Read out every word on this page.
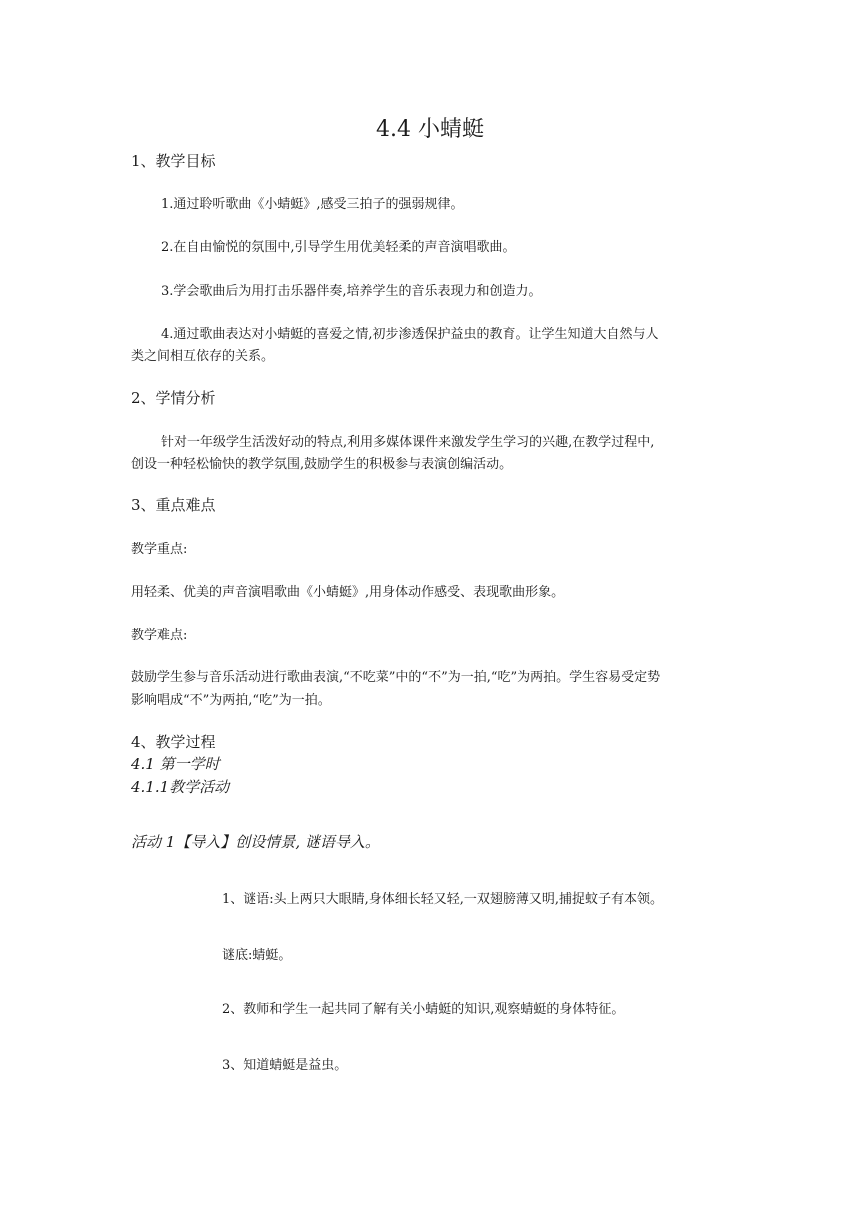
4.4 小蜻蜓
1、教学目标
1.通过聆听歌曲《小蜻蜓》,感受三拍子的强弱规律。
2.在自由愉悦的氛围中,引导学生用优美轻柔的声音演唱歌曲。
3.学会歌曲后为用打击乐器伴奏,培养学生的音乐表现力和创造力。
4.通过歌曲表达对小蜻蜓的喜爱之情,初步渗透保护益虫的教育。让学生知道大自然与人
类之间相互依存的关系。
2、学情分析
针对一年级学生活泼好动的特点,利用多媒体课件来激发学生学习的兴趣,在教学过程中,
创设一种轻松愉快的教学氛围,鼓励学生的积极参与表演创编活动。
3、重点难点
教学重点:
用轻柔、优美的声音演唱歌曲《小蜻蜓》,用身体动作感受、表现歌曲形象。
教学难点:
鼓励学生参与音乐活动进行歌曲表演,“不吃菜”中的“不”为一拍,“吃”为两拍。学生容易受定势
影响唱成“不”为两拍,“吃”为一拍。
4、教学过程
4.1 第一学时
4.1.1教学活动
活动 1【导入】创设情景, 谜语导入。
1、谜语:头上两只大眼睛,身体细长轻又轻,一双翅膀薄又明,捕捉蚊子有本领。
谜底:蜻蜓。
2、教师和学生一起共同了解有关小蜻蜓的知识,观察蜻蜓的身体特征。
3、知道蜻蜓是益虫。
